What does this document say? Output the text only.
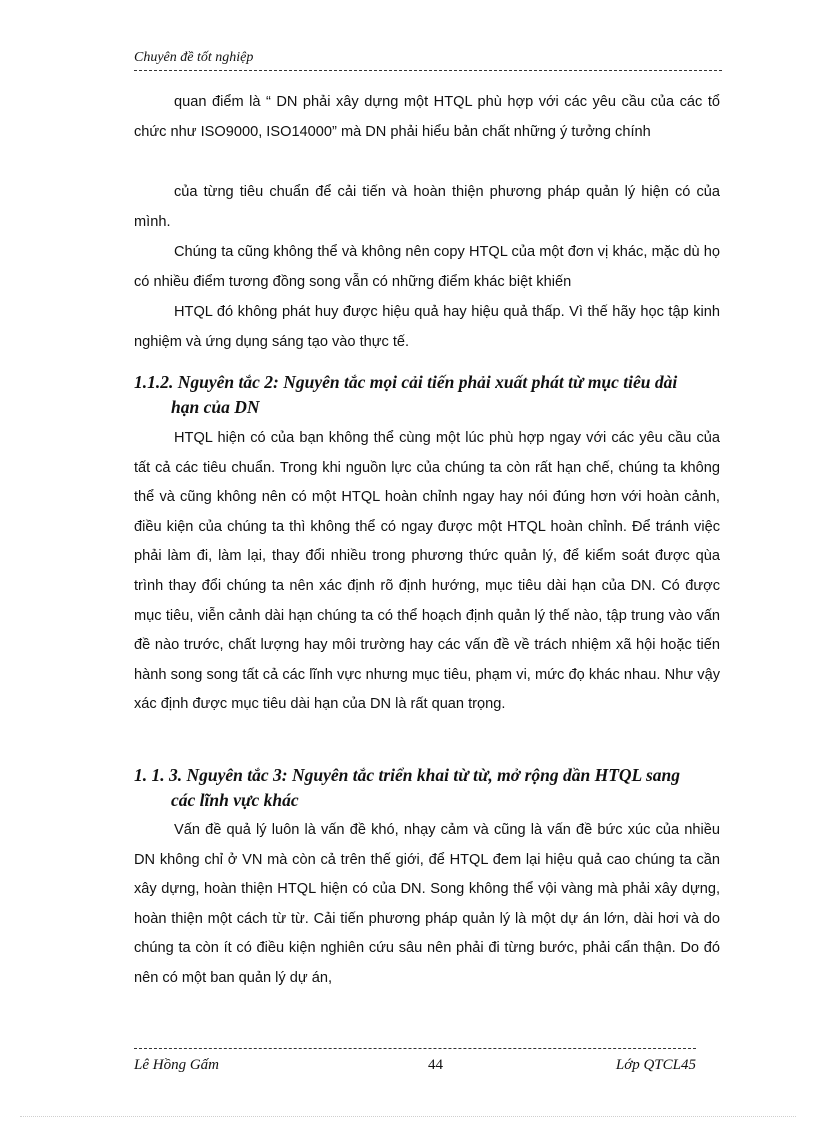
Chuyên đề tốt nghiệp

quan điểm là “ DN phải xây dựng một HTQL phù hợp với các yêu cầu của các tổ chức như ISO9000, ISO14000” mà DN phải hiểu bản chất những ý tưởng chính

của từng tiêu chuẩn để cải tiến và hoàn thiện phương pháp quản lý hiện có của mình.

Chúng ta cũng không thể và không nên copy HTQL của một đơn vị khác, mặc dù họ có nhiều điểm tương đồng song vẫn có những điểm khác biệt khiến

HTQL đó không phát huy được hiệu quả hay hiệu quả thấp. Vì thế hãy học tập kinh nghiệm và ứng dụng sáng tạo vào thực tế.

1.1.2. Nguyên tắc 2: Nguyên tắc mọi cải tiến phải xuất phát từ mục tiêu dài
hạn của DN

HTQL hiện có của bạn không thể cùng một lúc phù hợp ngay với các yêu cầu của tất cả các tiêu chuẩn. Trong khi nguồn lực của chúng ta còn rất hạn chế, chúng ta không thể và cũng không nên có một HTQL hoàn chỉnh ngay hay nói đúng hơn với hoàn cảnh, điều kiện của chúng ta thì không thể có ngay được một HTQL hoàn chỉnh. Để tránh việc phải làm đi, làm lại, thay đổi nhiều trong phương thức quản lý, để kiểm soát được qùa trình thay đổi chúng ta nên xác định rõ định hướng, mục tiêu dài hạn của DN. Có được mục tiêu, viễn cảnh dài hạn chúng ta có thể hoạch định quản lý thế nào, tập trung vào vấn đề nào trước, chất lượng hay môi trường hay các vấn đề về trách nhiệm xã hội hoặc tiến hành song song tất cả các lĩnh vực nhưng mục tiêu, phạm vi, mức đọ khác nhau. Như vậy xác định được mục tiêu dài hạn của DN là rất quan trọng.

1. 1. 3. Nguyên tắc 3: Nguyên tắc triển khai từ từ, mở rộng dần HTQL sang
các lĩnh vực khác

Vấn đề quả lý luôn là vấn đề khó, nhạy cảm và cũng là vấn đề bức xúc của nhiều DN không chỉ ở VN mà còn cả trên thế giới, để HTQL đem lại hiệu quả cao chúng ta cần xây dựng, hoàn thiện HTQL hiện có của DN. Song không thể vội vàng mà phải xây dựng, hoàn thiện một cách từ từ. Cải tiến phương pháp quản lý là một dự án lớn, dài hơi và do chúng ta còn ít có điều kiện nghiên cứu sâu nên phải đi từng bước, phải cẩn thận. Do đó nên có một ban quản lý dự án,

Lê Hồng Gấm	44	Lớp QTCL45
